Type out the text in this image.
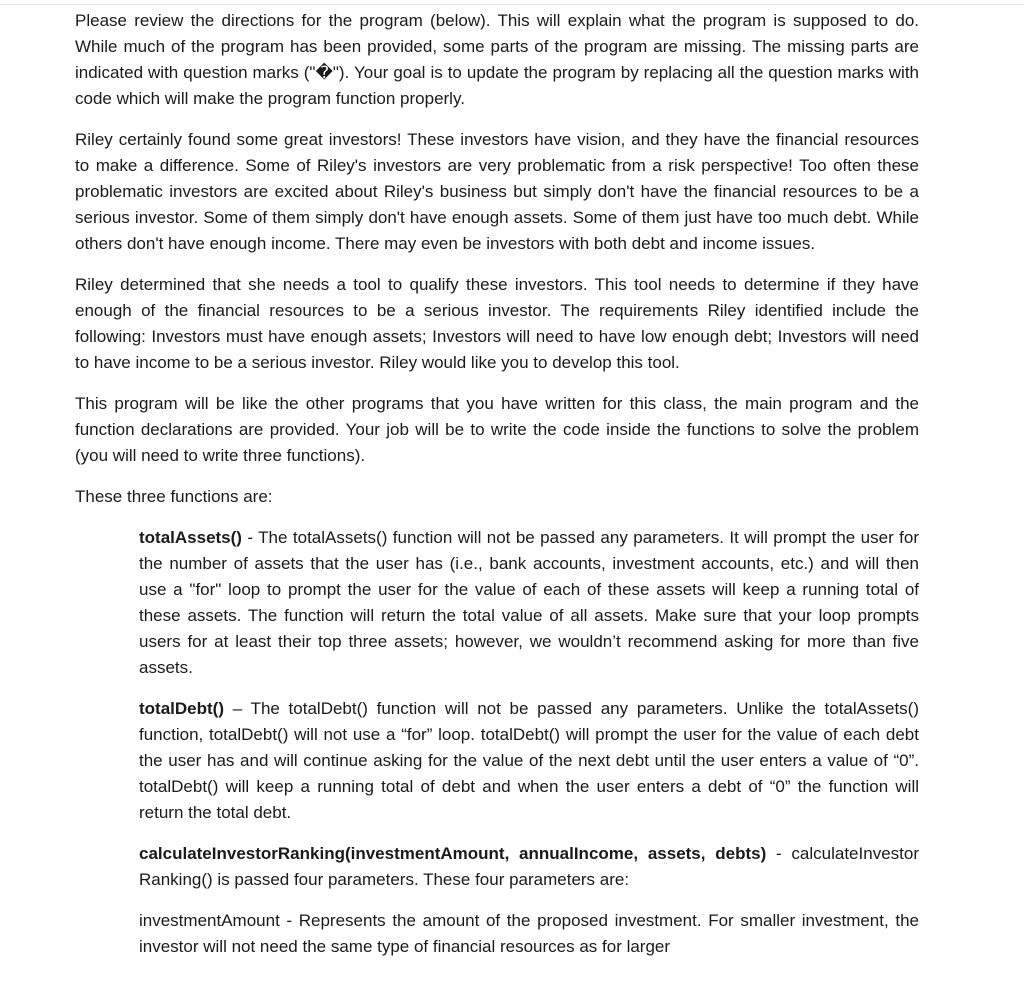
Please review the directions for the program (below). This will explain what the program is supposed to do. While much of the program has been provided, some parts of the program are missing. The missing parts are indicated with question marks ("�"). Your goal is to update the program by replacing all the question marks with code which will make the program function properly.

Riley certainly found some great investors! These investors have vision, and they have the financial resources to make a difference. Some of Riley's investors are very problematic from a risk perspective! Too often these problematic investors are excited about Riley's business but simply don't have the financial resources to be a serious investor. Some of them simply don't have enough assets. Some of them just have too much debt. While others don't have enough income. There may even be investors with both debt and income issues.

Riley determined that she needs a tool to qualify these investors. This tool needs to determine if they have enough of the financial resources to be a serious investor. The requirements Riley identified include the following: Investors must have enough assets; Investors will need to have low enough debt; Investors will need to have income to be a serious investor. Riley would like you to develop this tool.

This program will be like the other programs that you have written for this class, the main program and the function declarations are provided. Your job will be to write the code inside the functions to solve the problem (you will need to write three functions).

These three functions are:

totalAssets() - The totalAssets() function will not be passed any parameters. It will prompt the user for the number of assets that the user has (i.e., bank accounts, investment accounts, etc.) and will then use a "for" loop to prompt the user for the value of each of these assets will keep a running total of these assets. The function will return the total value of all assets. Make sure that your loop prompts users for at least their top three assets; however, we wouldn’t recommend asking for more than five assets.

totalDebt() – The totalDebt() function will not be passed any parameters. Unlike the totalAssets() function, totalDebt() will not use a “for” loop. totalDebt() will prompt the user for the value of each debt the user has and will continue asking for the value of the next debt until the user enters a value of “0”. totalDebt() will keep a running total of debt and when the user enters a debt of “0” the function will return the total debt.

calculateInvestorRanking(investmentAmount, annualIncome, assets, debts) - calculateInvestor Ranking() is passed four parameters. These four parameters are:

investmentAmount - Represents the amount of the proposed investment. For smaller investment, the investor will not need the same type of financial resources as for larger
